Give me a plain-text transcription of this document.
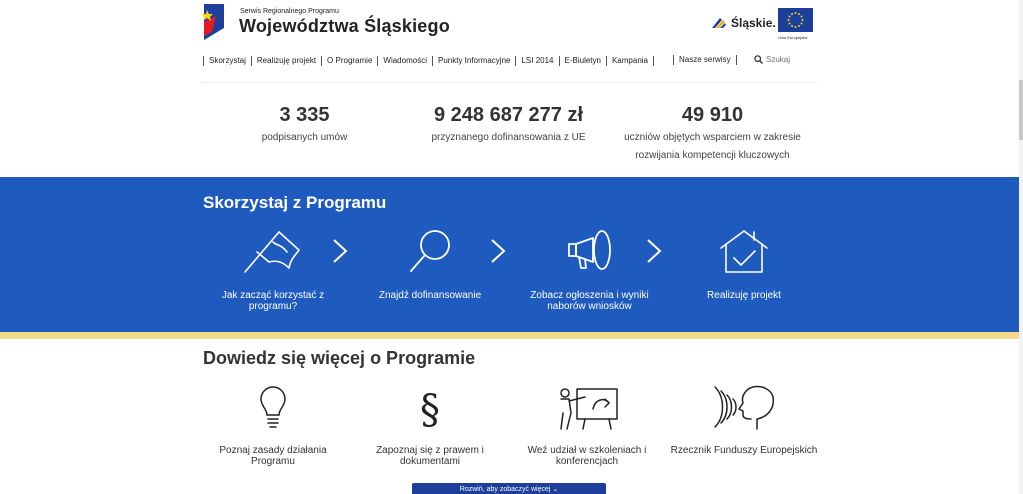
Serwis Regionalnego Programu
Województwa Śląskiego	Śląskie.
Unia Europejska
Skorzystaj	Realizuję projekt	O Programie	Wiadomości	Punkty Informacyjne	LSI 2014	E-Biuletyn	Kampania	Nasze serwisy
Szukaj
3 335
podpisanych umów
9 248 687 277 zł
przyznanego dofinansowania z UE
49 910
uczniów objętych wsparciem w zakresie rozwijania kompetencji kluczowych
Skorzystaj z Programu
Jak zacząć korzystać z programu?
Znajdź dofinansowanie	Zobacz ogłoszenia i wyniki naborów wniosków
Realizuję projekt
Dowiedz się więcej o Programie
Poznaj zasady działania Programu
§
Zapoznaj się z prawem i dokumentami
Weź udział w szkoleniach i konferencjach
Rzecznik Funduszy Europejskich
Rozwiń, aby zobaczyć więcej ⌄
